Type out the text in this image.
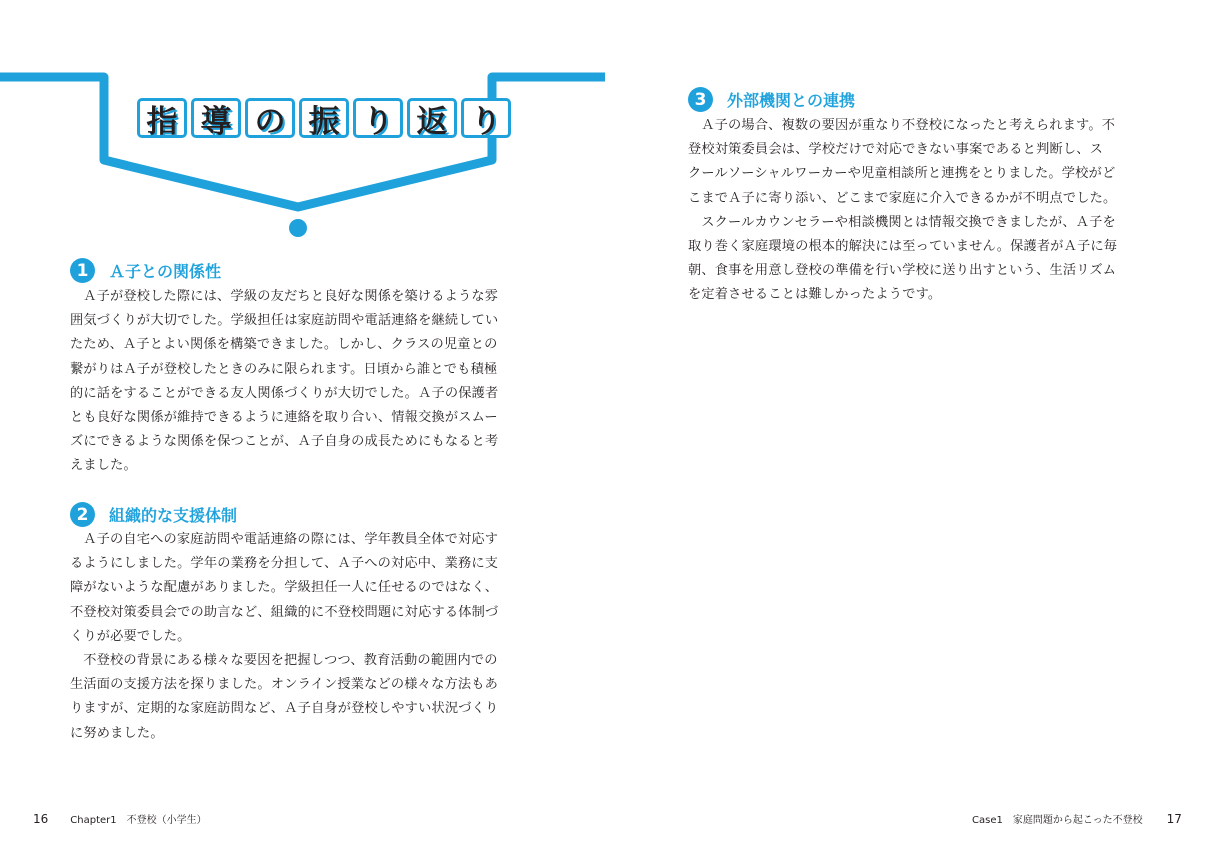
指 導 の 振 り 返 り
1	Ａ子との関係性

Ａ子が登校した際には、学級の友だちと良好な関係を築けるような雰
囲気づくりが大切でした。学級担任は家庭訪問や電話連絡を継続してい
たため、Ａ子とよい関係を構築できました。しかし、クラスの児童との
繋がりはＡ子が登校したときのみに限られます。日頃から誰とでも積極
的に話をすることができる友人関係づくりが大切でした。Ａ子の保護者
とも良好な関係が維持できるように連絡を取り合い、情報交換がスムー
ズにできるような関係を保つことが、Ａ子自身の成長ためにもなると考
えました。

2	組織的な支援体制

Ａ子の自宅への家庭訪問や電話連絡の際には、学年教員全体で対応す
るようにしました。学年の業務を分担して、Ａ子への対応中、業務に支
障がないような配慮がありました。学級担任一人に任せるのではなく、
不登校対策委員会での助言など、組織的に不登校問題に対応する体制づ
くりが必要でした。

不登校の背景にある様々な要因を把握しつつ、教育活動の範囲内での
生活面の支援方法を探りました。オンライン授業などの様々な方法もあ
りますが、定期的な家庭訪問など、Ａ子自身が登校しやすい状況づくり
に努めました。

3	外部機関との連携

Ａ子の場合、複数の要因が重なり不登校になったと考えられます。不
登校対策委員会は、学校だけで対応できない事案であると判断し、ス
クールソーシャルワーカーや児童相談所と連携をとりました。学校がど
こまでＡ子に寄り添い、どこまで家庭に介入できるかが不明点でした。

スクールカウンセラーや相談機関とは情報交換できましたが、Ａ子を
取り巻く家庭環境の根本的解決には至っていません。保護者がＡ子に毎
朝、食事を用意し登校の準備を行い学校に送り出すという、生活リズム
を定着させることは難しかったようです。

16 Chapter1　不登校（小学生）	Case1　家庭問題から起こった不登校 17
